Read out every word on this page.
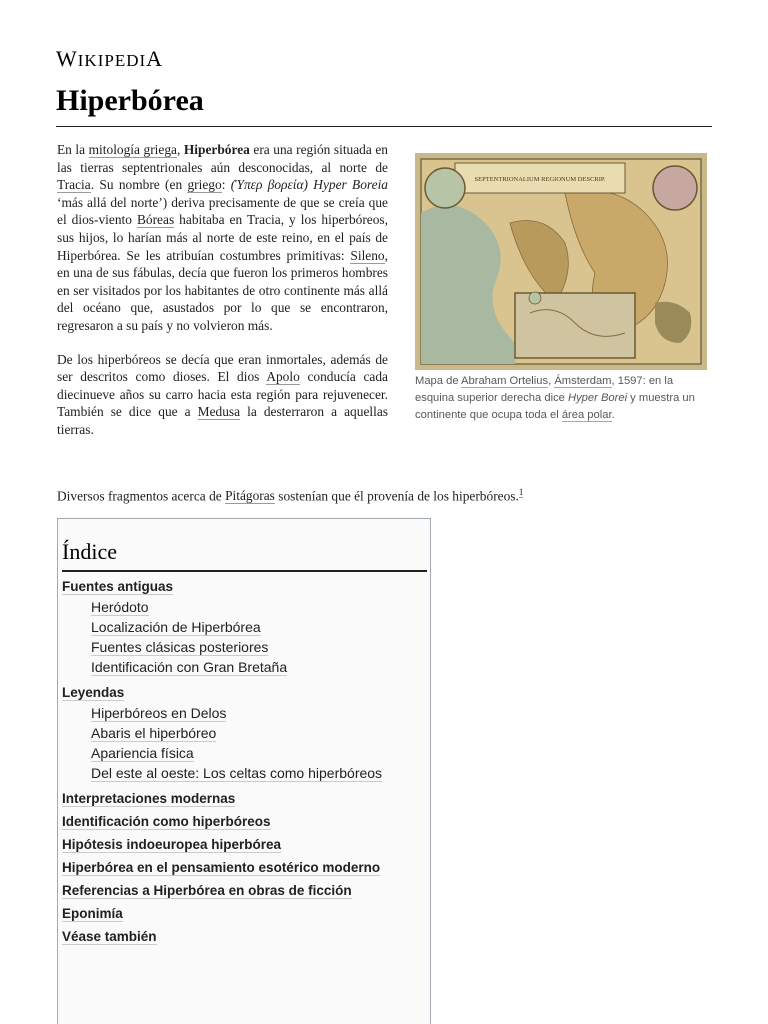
WIKIPEDIA
Hiperbórea

En la mitología griega, Hiperbórea era una región situada en las tierras septentrionales aún desconocidas, al norte de Tracia. Su nombre (en griego: (Ὑπερ βορεία) Hyper Boreia ‘más allá del norte’) deriva precisamente de que se creía que el dios-viento Bóreas habitaba en Tracia, y los hiperbóreos, sus hijos, lo harían más al norte de este reino, en el país de Hiperbórea. Se les atribuían costumbres primitivas: Sileno, en una de sus fábulas, decía que fueron los primeros hombres en ser visitados por los habitantes de otro continente más allá del océano que, asustados por lo que se encontraron, regresaron a su país y no volvieron más.

De los hiperbóreos se decía que eran inmortales, además de ser descritos como dioses. El dios Apolo conducía cada diecinueve años su carro hacia esta región para rejuvenecer. También se dice que a Medusa la desterraron a aquellas tierras.

Diversos fragmentos acerca de Pitágoras sostenían que él provenía de los hiperbóreos.$^1$
SEPTENTRIONALIUM REGIONUM DESCRIP.
Mapa de Abraham Ortelius, Ámsterdam, 1597: en la esquina superior derecha dice Hyper Borei y muestra un continente que ocupa toda el área polar.
Índice
Fuentes antiguas
Heródoto
Localización de Hiperbórea
Fuentes clásicas posteriores
Identificación con Gran Bretaña
Leyendas
Hiperbóreos en Delos
Abaris el hiperbóreo
Apariencia física
Del este al oeste: Los celtas como hiperbóreos
Interpretaciones modernas
Identificación como hiperbóreos
Hipótesis indoeuropea hiperbórea
Hiperbórea en el pensamiento esotérico moderno
Referencias a Hiperbórea en obras de ficción
Eponimía
Véase también
